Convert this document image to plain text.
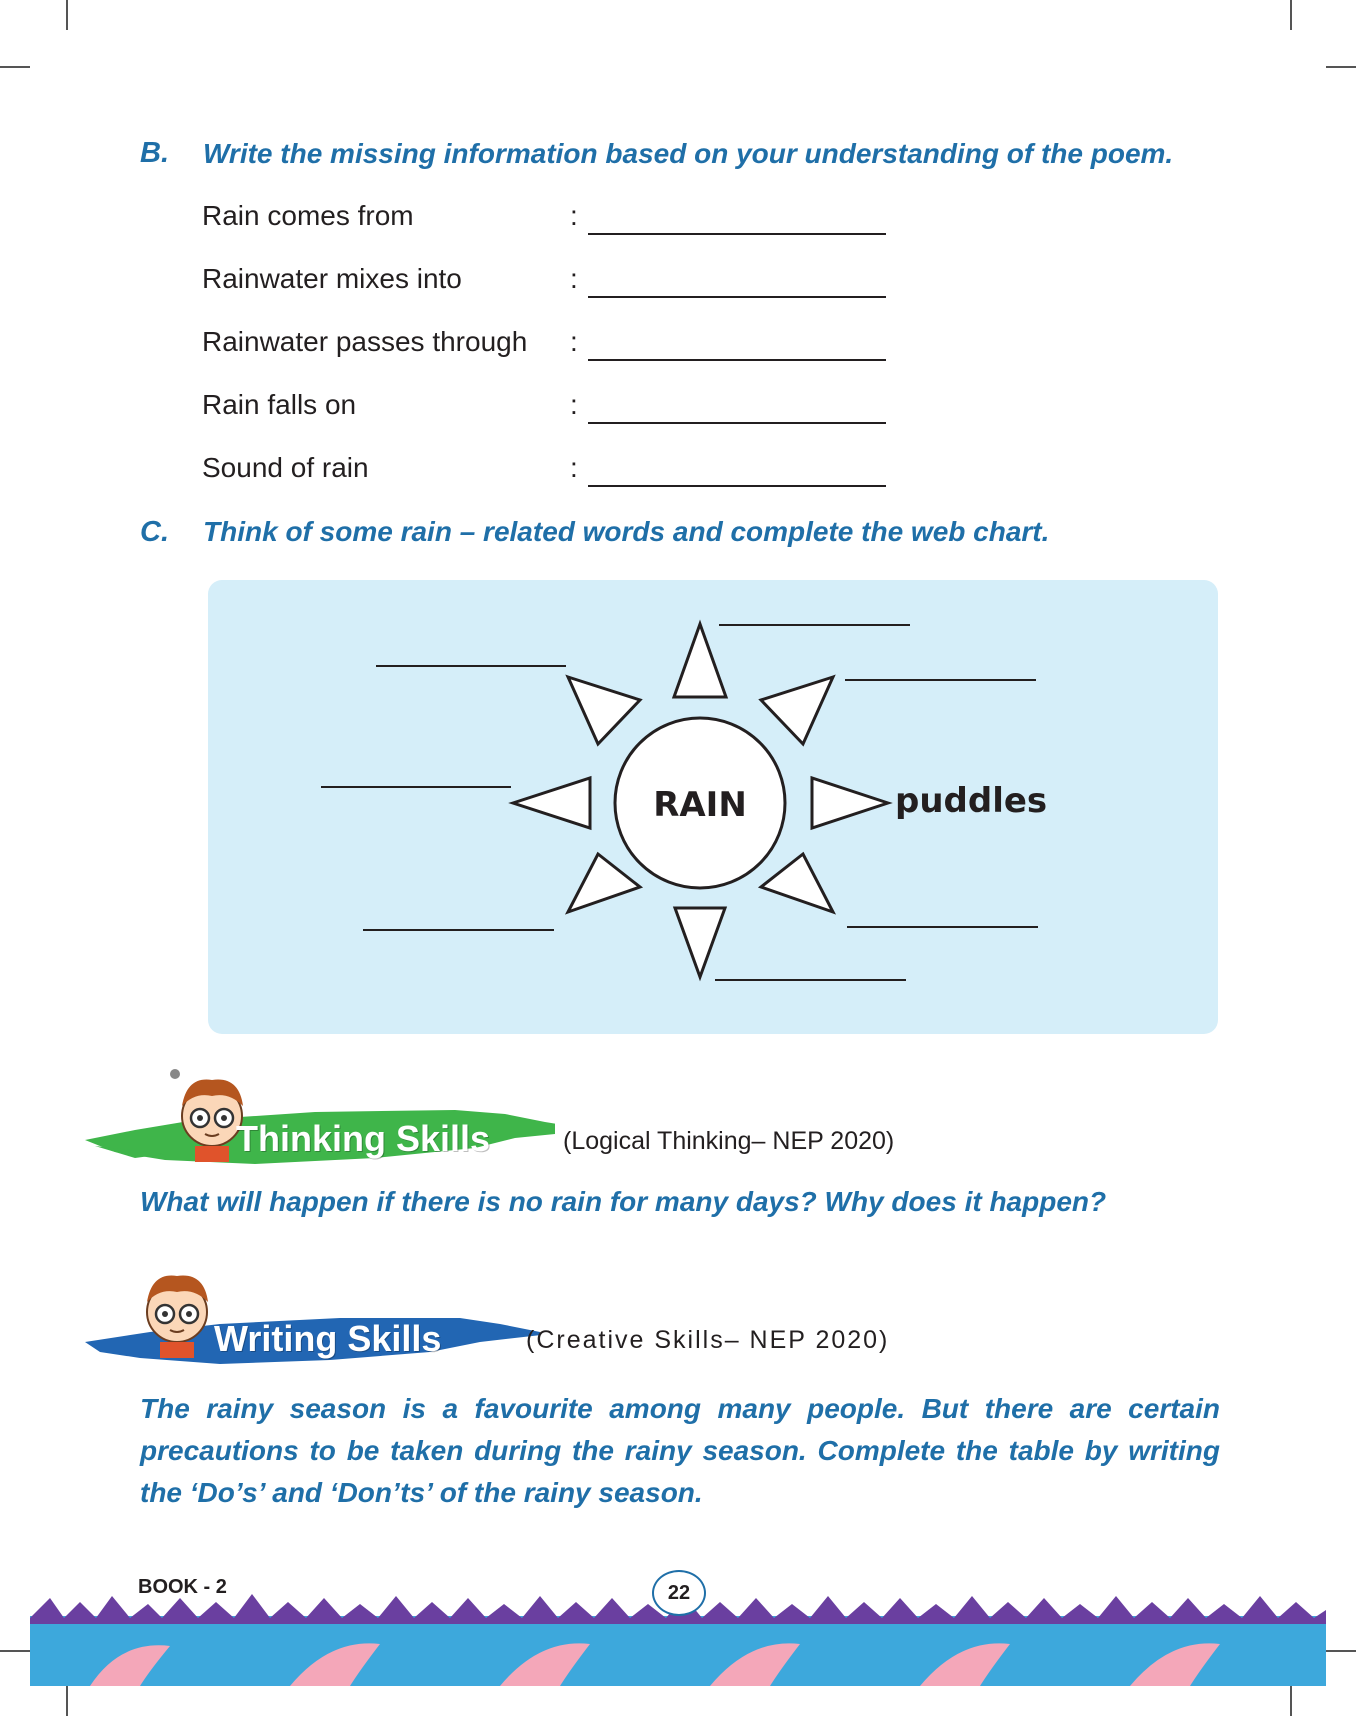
B. Write the missing information based on your understanding of the poem.
Rain comes from	:
Rainwater mixes into	:
Rainwater passes through :
Rain falls on	:
Sound of rain	:
C. Think of some rain – related words and complete the web chart.
RAIN	puddles
Thinking Skills	(Logical Thinking– NEP 2020)
What will happen if there is no rain for many days? Why does it happen?
Writing Skills	(Creative Skills– NEP 2020)
The rainy season is a favourite among many people. But there are certain precautions to be taken during the rainy season. Complete the table by writing the ‘Do’s’ and ‘Don’ts’ of the rainy season.
BOOK - 2	22
